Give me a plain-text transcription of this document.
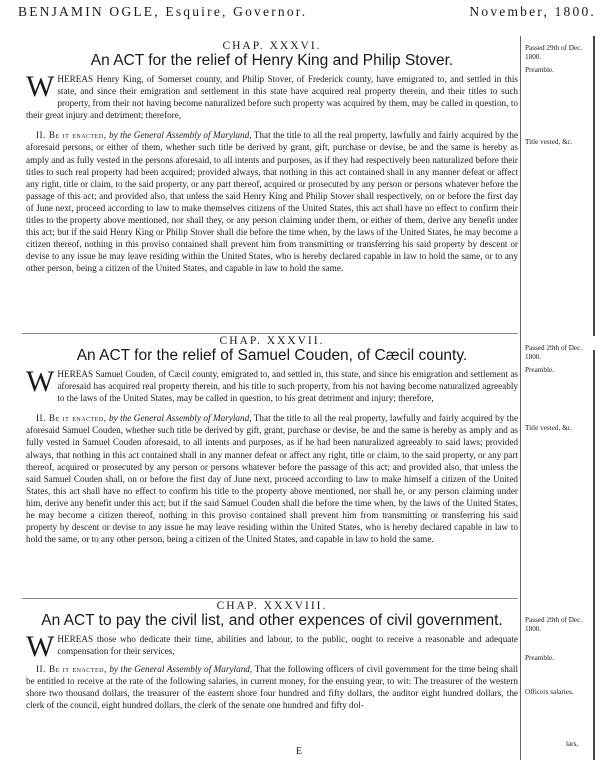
BENJAMIN OGLE, Esquire, Governor.	November, 1800.
CHAP. XXXVI.
An ACT for the relief of Henry King and Philip Stover.

WHEREAS Henry King, of Somerset county, and Philip Stover, of Frederick county, have emigrated to, and settled in this state, and since their emigration and settlement in this state have acquired real property therein, and their titles to such property, from their not having become naturalized before such property was acquired by them, may be called in question, to their great injury and detriment; therefore,

II. Be it enacted, by the General Assembly of Maryland, That the title to all the real property, lawfully and fairly acquired by the aforesaid persons, or either of them, whether such title be derived by grant, gift, purchase or devise, be and the same is hereby as amply and as fully vested in the persons aforesaid, to all intents and purposes, as if they had respectively been naturalized before their titles to such real property had been acquired; provided always, that nothing in this act contained shall in any manner defeat or affect any right, title or claim, to the said property, or any part thereof, acquired or prosecuted by any person or persons whatever before the passage of this act; and provided also, that unless the said Henry King and Philip Stover shall respectively, on or before the first day of June next, proceed according to law to make themselves citizens of the United States, this act shall have no effect to confirm their titles to the property above mentioned, nor shall they, or any person claiming under them, or either of them, derive any benefit under this act; but if the said Henry King or Philip Stover shall die before the time when, by the laws of the United States, he may become a citizen thereof, nothing in this proviso contained shall prevent him from transmitting or transferring his said property by descent or devise to any issue he may leave residing within the United States, who is hereby declared capable in law to hold the same, or to any other person, being a citizen of the United States, and capable in law to hold the same.

Passed 29th of Dec. 1800.
Preamble.
Title vested, &c.
CHAP. XXXVII.
An ACT for the relief of Samuel Couden, of Cæcil county.

WHEREAS Samuel Couden, of Cæcil county, emigrated to, and settled in, this state, and since his emigration and settlement as aforesaid has acquired real property therein, and his title to such property, from his not having become naturalized agreeably to the laws of the United States, may be called in question, to his great detriment and injury; therefore,

II. Be it enacted, by the General Assembly of Maryland, That the title to all the real property, lawfully and fairly acquired by the aforesaid Samuel Couden, whether such title be derived by gift, grant, purchase or devise, be and the same is hereby as amply and as fully vested in Samuel Couden aforesaid, to all intents and purposes, as if he had been naturalized agreeably to said laws; provided always, that nothing in this act contained shall in any manner defeat or affect any right, title or claim, to the said property, or any part thereof, acquired or prosecuted by any person or persons whatever before the passage of this act; and provided also, that unless the said Samuel Couden shall, on or before the first day of June next, proceed according to law to make himself a citizen of the United States, this act shall have no effect to confirm his title to the property above mentioned, nor shall he, or any person claiming under him, derive any benefit under this act; but if the said Samuel Couden shall die before the time when, by the laws of the United States, he may become a citizen thereof, nothing in this proviso contained shall prevent him from transmitting or transferring his said property by descent or devise to any issue he may leave residing within the United States, who is hereby declared capable in law to hold the same, or to any other person, being a citizen of the United States, and capable in law to hold the same.

Passed 29th of Dec. 1800.
Preamble.
Title vested, &c.
CHAP. XXXVIII.
An ACT to pay the civil list, and other expences of civil government.

WHEREAS those who dedicate their time, abilities and labour, to the public, ought to receive a reasonable and adequate compensation for their services,

II. Be it enacted, by the General Assembly of Maryland, That the following officers of civil government for the time being shall be entitled to receive at the rate of the following salaries, in current money, for the ensuing year, to wit: The treasurer of the western shore two thousand dollars, the treasurer of the eastern shore four hundred and fifty dollars, the auditor eight hundred dollars, the clerk of the council, eight hundred dollars, the clerk of the senate one hundred and fifty dol-

Passed 29th of Dec. 1800.
Preamble.
Officers salaries.
lars,
E
